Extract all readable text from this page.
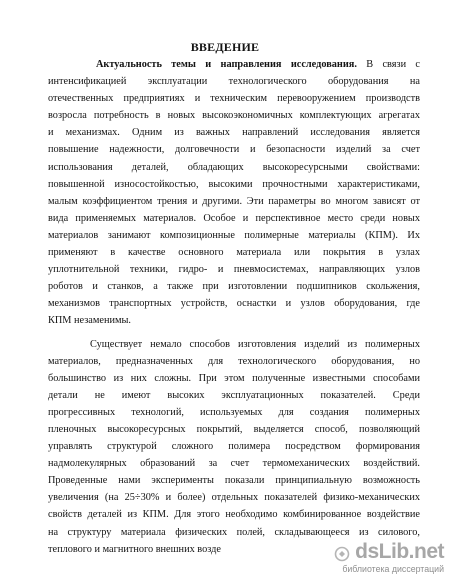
ВВЕДЕНИЕ
Актуальность темы и направления исследования. В связи с
интенсификацией эксплуатации технологического оборудования на
отечественных предприятиях и техническим перевооружением производств
возросла потребность в новых высокоэкономичных комплектующих агрегатах
и механизмах. Одним из важных направлений исследования является
повышение надежности, долговечности и безопасности изделий за счет
использования деталей, обладающих высокоресурсными свойствами:
повышенной износостойкостью, высокими прочностными характеристиками,
малым коэффициентом трения и другими. Эти параметры во многом зависят от
вида применяемых материалов. Особое и перспективное место среди новых
материалов занимают композиционные полимерные материалы (КПМ). Их
применяют в качестве основного материала или покрытия в узлах
уплотнительной техники, гидро- и пневмосистемах, направляющих узлов
роботов и станков, а также при изготовлении подшипников скольжения,
механизмов транспортных устройств, оснастки и узлов оборудования, где
КПМ незаменимы.
Существует немало способов изготовления изделий из полимерных
материалов, предназначенных для технологического оборудования, но
большинство из них сложны. При этом полученные известными способами
детали не имеют высоких эксплуатационных показателей. Среди
прогрессивных технологий, используемых для создания полимерных
пленочных высокоресурсных покрытий, выделяется способ, позволяющий
управлять структурой сложного полимера посредством формирования
надмолекулярных образований за счет термомеханических воздействий.
Проведенные нами эксперименты показали принципиальную возможность
увеличения (на 25÷30% и более) отдельных показателей физико-механических
свойств деталей из КПМ. Для этого необходимо комбинированное воздействие
на структуру материала физических полей, складывающееся из силового,
теплового и магнитного внешних возде	dsLib.net
библиотека диссертаций
